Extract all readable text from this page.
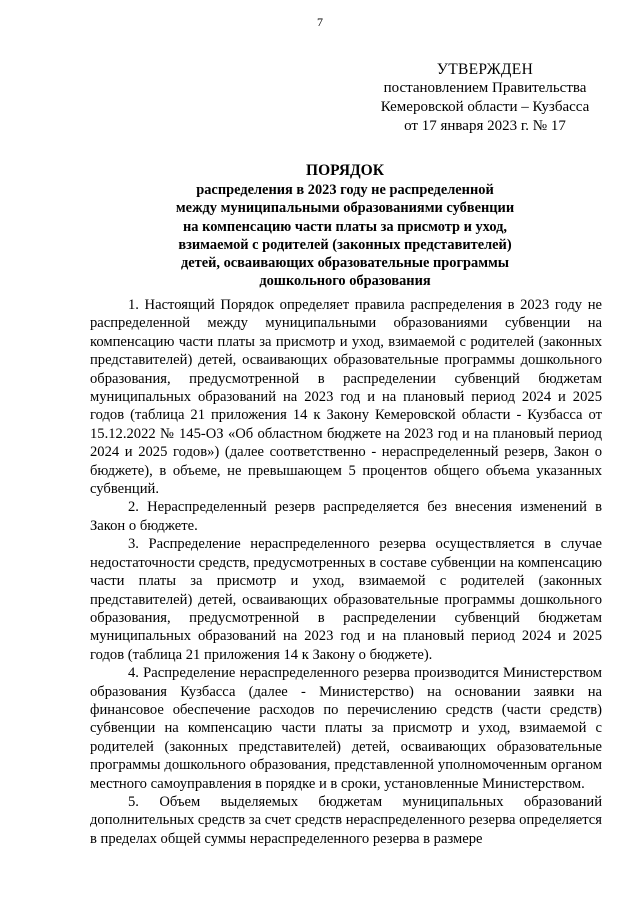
7
УТВЕРЖДЕН
постановлением Правительства
Кемеровской области – Кузбасса
от 17 января 2023 г. № 17
ПОРЯДОК
распределения в 2023 году не распределенной
между муниципальными образованиями субвенции
на компенсацию части платы за присмотр и уход,
взимаемой с родителей (законных представителей)
детей, осваивающих образовательные программы
дошкольного образования

1. Настоящий Порядок определяет правила распределения в 2023 году не распределенной между муниципальными образованиями субвенции на компенсацию части платы за присмотр и уход, взимаемой с родителей (законных представителей) детей, осваивающих образовательные программы дошкольного образования, предусмотренной в распределении субвенций бюджетам муниципальных образований на 2023 год и на плановый период 2024 и 2025 годов (таблица 21 приложения 14 к Закону Кемеровской области - Кузбасса от 15.12.2022 № 145-ОЗ «Об областном бюджете на 2023 год и на плановый период 2024 и 2025 годов») (далее соответственно - нераспределенный резерв, Закон о бюджете), в объеме, не превышающем 5 процентов общего объема указанных субвенций.

2. Нераспределенный резерв распределяется без внесения изменений в Закон о бюджете.

3. Распределение нераспределенного резерва осуществляется в случае недостаточности средств, предусмотренных в составе субвенции на компенсацию части платы за присмотр и уход, взимаемой с родителей (законных представителей) детей, осваивающих образовательные программы дошкольного образования, предусмотренной в распределении субвенций бюджетам муниципальных образований на 2023 год и на плановый период 2024 и 2025 годов (таблица 21 приложения 14 к Закону о бюджете).

4. Распределение нераспределенного резерва производится Министерством образования Кузбасса (далее - Министерство) на основании заявки на финансовое обеспечение расходов по перечислению средств (части средств) субвенции на компенсацию части платы за присмотр и уход, взимаемой с родителей (законных представителей) детей, осваивающих образовательные программы дошкольного образования, представленной уполномоченным органом местного самоуправления в порядке и в сроки, установленные Министерством.

5. Объем выделяемых бюджетам муниципальных образований дополнительных средств за счет средств нераспределенного резерва определяется в пределах общей суммы нераспределенного резерва в размере
